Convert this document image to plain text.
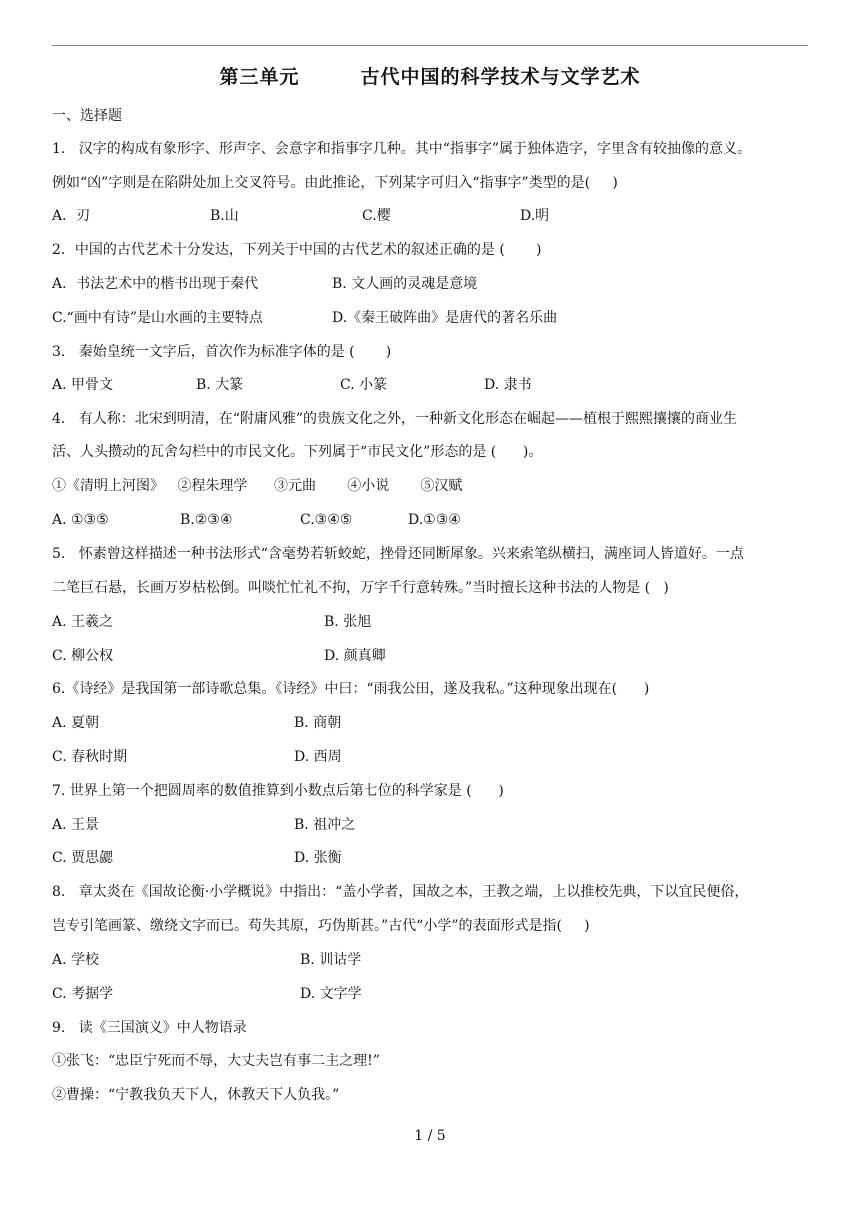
第三单元        古代中国的科学技术与文学艺术
一、选择题
1.   汉字的构成有象形字、形声字、会意字和指事字几种。其中“指事字”属于独体造字，字里含有较抽像的意义。
例如“凶”字则是在陷阱处加上交叉符号。由此推论，下列某字可归入“指事字”类型的是(     )
A．刃	B.山	C.樱	D.明
2．中国的古代艺术十分发达，下列关于中国的古代艺术的叙述正确的是 (       )
A．书法艺术中的楷书出现于秦代	B. 文人画的灵魂是意境
C.“画中有诗”是山水画的主要特点	D.《秦王破阵曲》是唐代的著名乐曲
3.   秦始皇统一文字后，首次作为标准字体的是 (       )
A. 甲骨文	B. 大篆	C. 小篆	D. 隶书
4.   有人称：北宋到明清，在“附庸风雅”的贵族文化之外，一种新文化形态在崛起——植根于熙熙攘攘的商业生
活、人头攒动的瓦舍勾栏中的市民文化。下列属于“市民文化”形态的是 (      )。
①《清明上河图》   ②程朱理学      ③元曲       ④小说       ⑤汉赋
A. ①③⑤	B.②③④	C.③④⑤	D.①③④
5.   怀素曾这样描述一种书法形式“含毫势若斩蛟蛇，挫骨还同断犀象。兴来索笔纵横扫，满座词人皆道好。一点
二笔巨石悬，长画万岁枯松倒。叫啖忙忙礼不拘，万字千行意转殊。”当时擅长这种书法的人物是 (   )
A. 王羲之	B. 张旭
C. 柳公权	D. 颜真卿
6.《诗经》是我国第一部诗歌总集。《诗经》中曰：“雨我公田，遂及我私。”这种现象出现在(      )
A. 夏朝	B. 商朝
C. 春秋时期	D. 西周
7. 世界上第一个把圆周率的数值推算到小数点后第七位的科学家是 (      )
A. 王景	B. 祖冲之
C. 贾思勰	D. 张衡
8.   章太炎在《国故论衡·小学概说》中指出：“盖小学者，国故之本，王教之端，上以推校先典，下以宜民便俗，
岂专引笔画篆、缴绕文字而已。苟失其原，巧伪斯甚。”古代“小学”的表面形式是指(     )
A. 学校	B. 训诂学
C. 考据学	D. 文字学
9.   读《三国演义》中人物语录
①张飞：“忠臣宁死而不辱，大丈夫岂有事二主之理!”
②曹操：“宁教我负天下人，休教天下人负我。”
1 / 5
